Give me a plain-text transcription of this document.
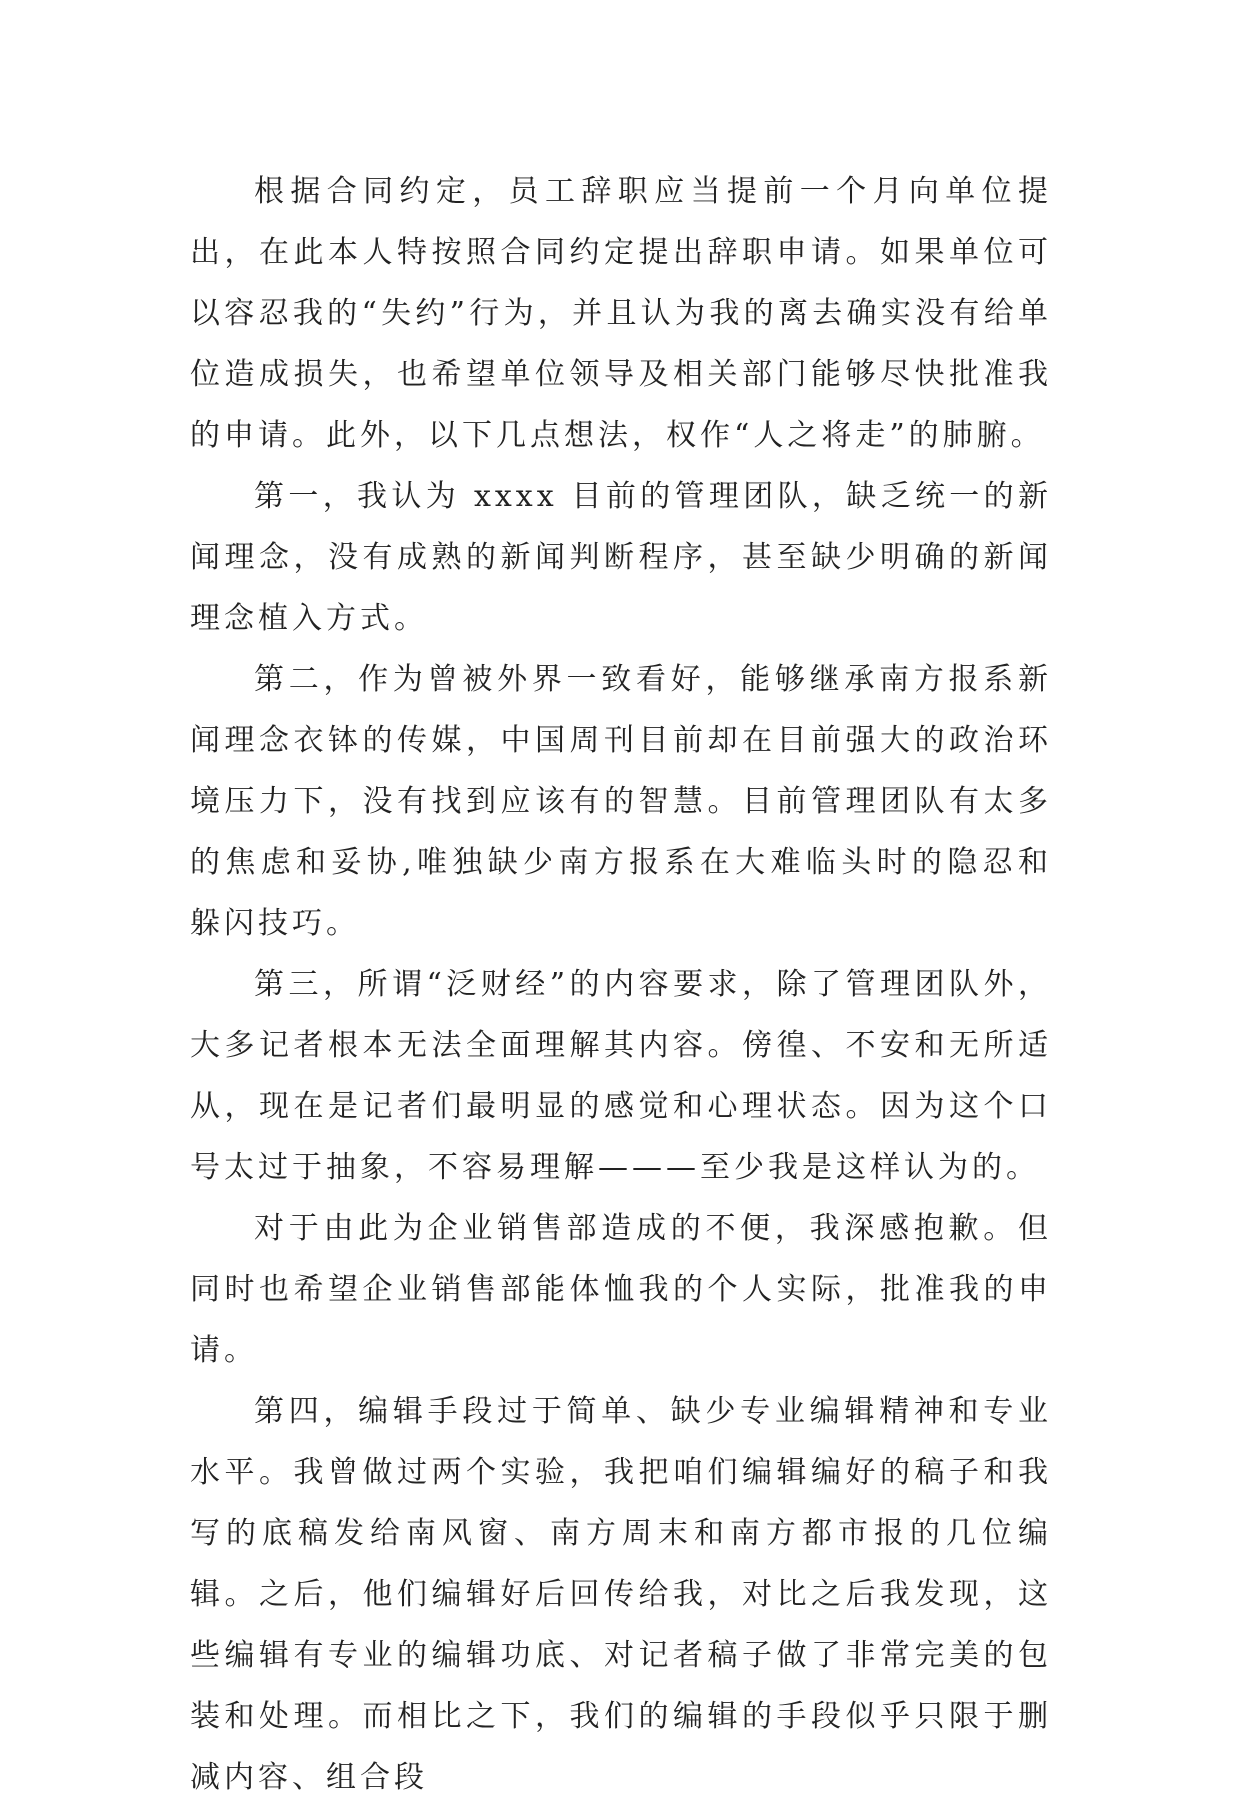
根据合同约定，员工辞职应当提前一个月向单位提出，在此本人特按照合同约定提出辞职申请。如果单位可以容忍我的“失约”行为，并且认为我的离去确实没有给单位造成损失，也希望单位领导及相关部门能够尽快批准我的申请。此外，以下几点想法，权作“人之将走”的肺腑。

第一，我认为 xxxx 目前的管理团队，缺乏统一的新闻理念，没有成熟的新闻判断程序，甚至缺少明确的新闻理念植入方式。

第二，作为曾被外界一致看好，能够继承南方报系新闻理念衣钵的传媒，中国周刊目前却在目前强大的政治环境压力下，没有找到应该有的智慧。目前管理团队有太多的焦虑和妥协,唯独缺少南方报系在大难临头时的隐忍和躲闪技巧。

第三，所谓“泛财经”的内容要求，除了管理团队外，大多记者根本无法全面理解其内容。傍徨、不安和无所适从，现在是记者们最明显的感觉和心理状态。因为这个口号太过于抽象，不容易理解———至少我是这样认为的。

对于由此为企业销售部造成的不便，我深感抱歉。但同时也希望企业销售部能体恤我的个人实际，批准我的申请。

第四，编辑手段过于简单、缺少专业编辑精神和专业水平。我曾做过两个实验，我把咱们编辑编好的稿子和我写的底稿发给南风窗、南方周末和南方都市报的几位编辑。之后，他们编辑好后回传给我，对比之后我发现，这些编辑有专业的编辑功底、对记者稿子做了非常完美的包装和处理。而相比之下，我们的编辑的手段似乎只限于删减内容、组合段
